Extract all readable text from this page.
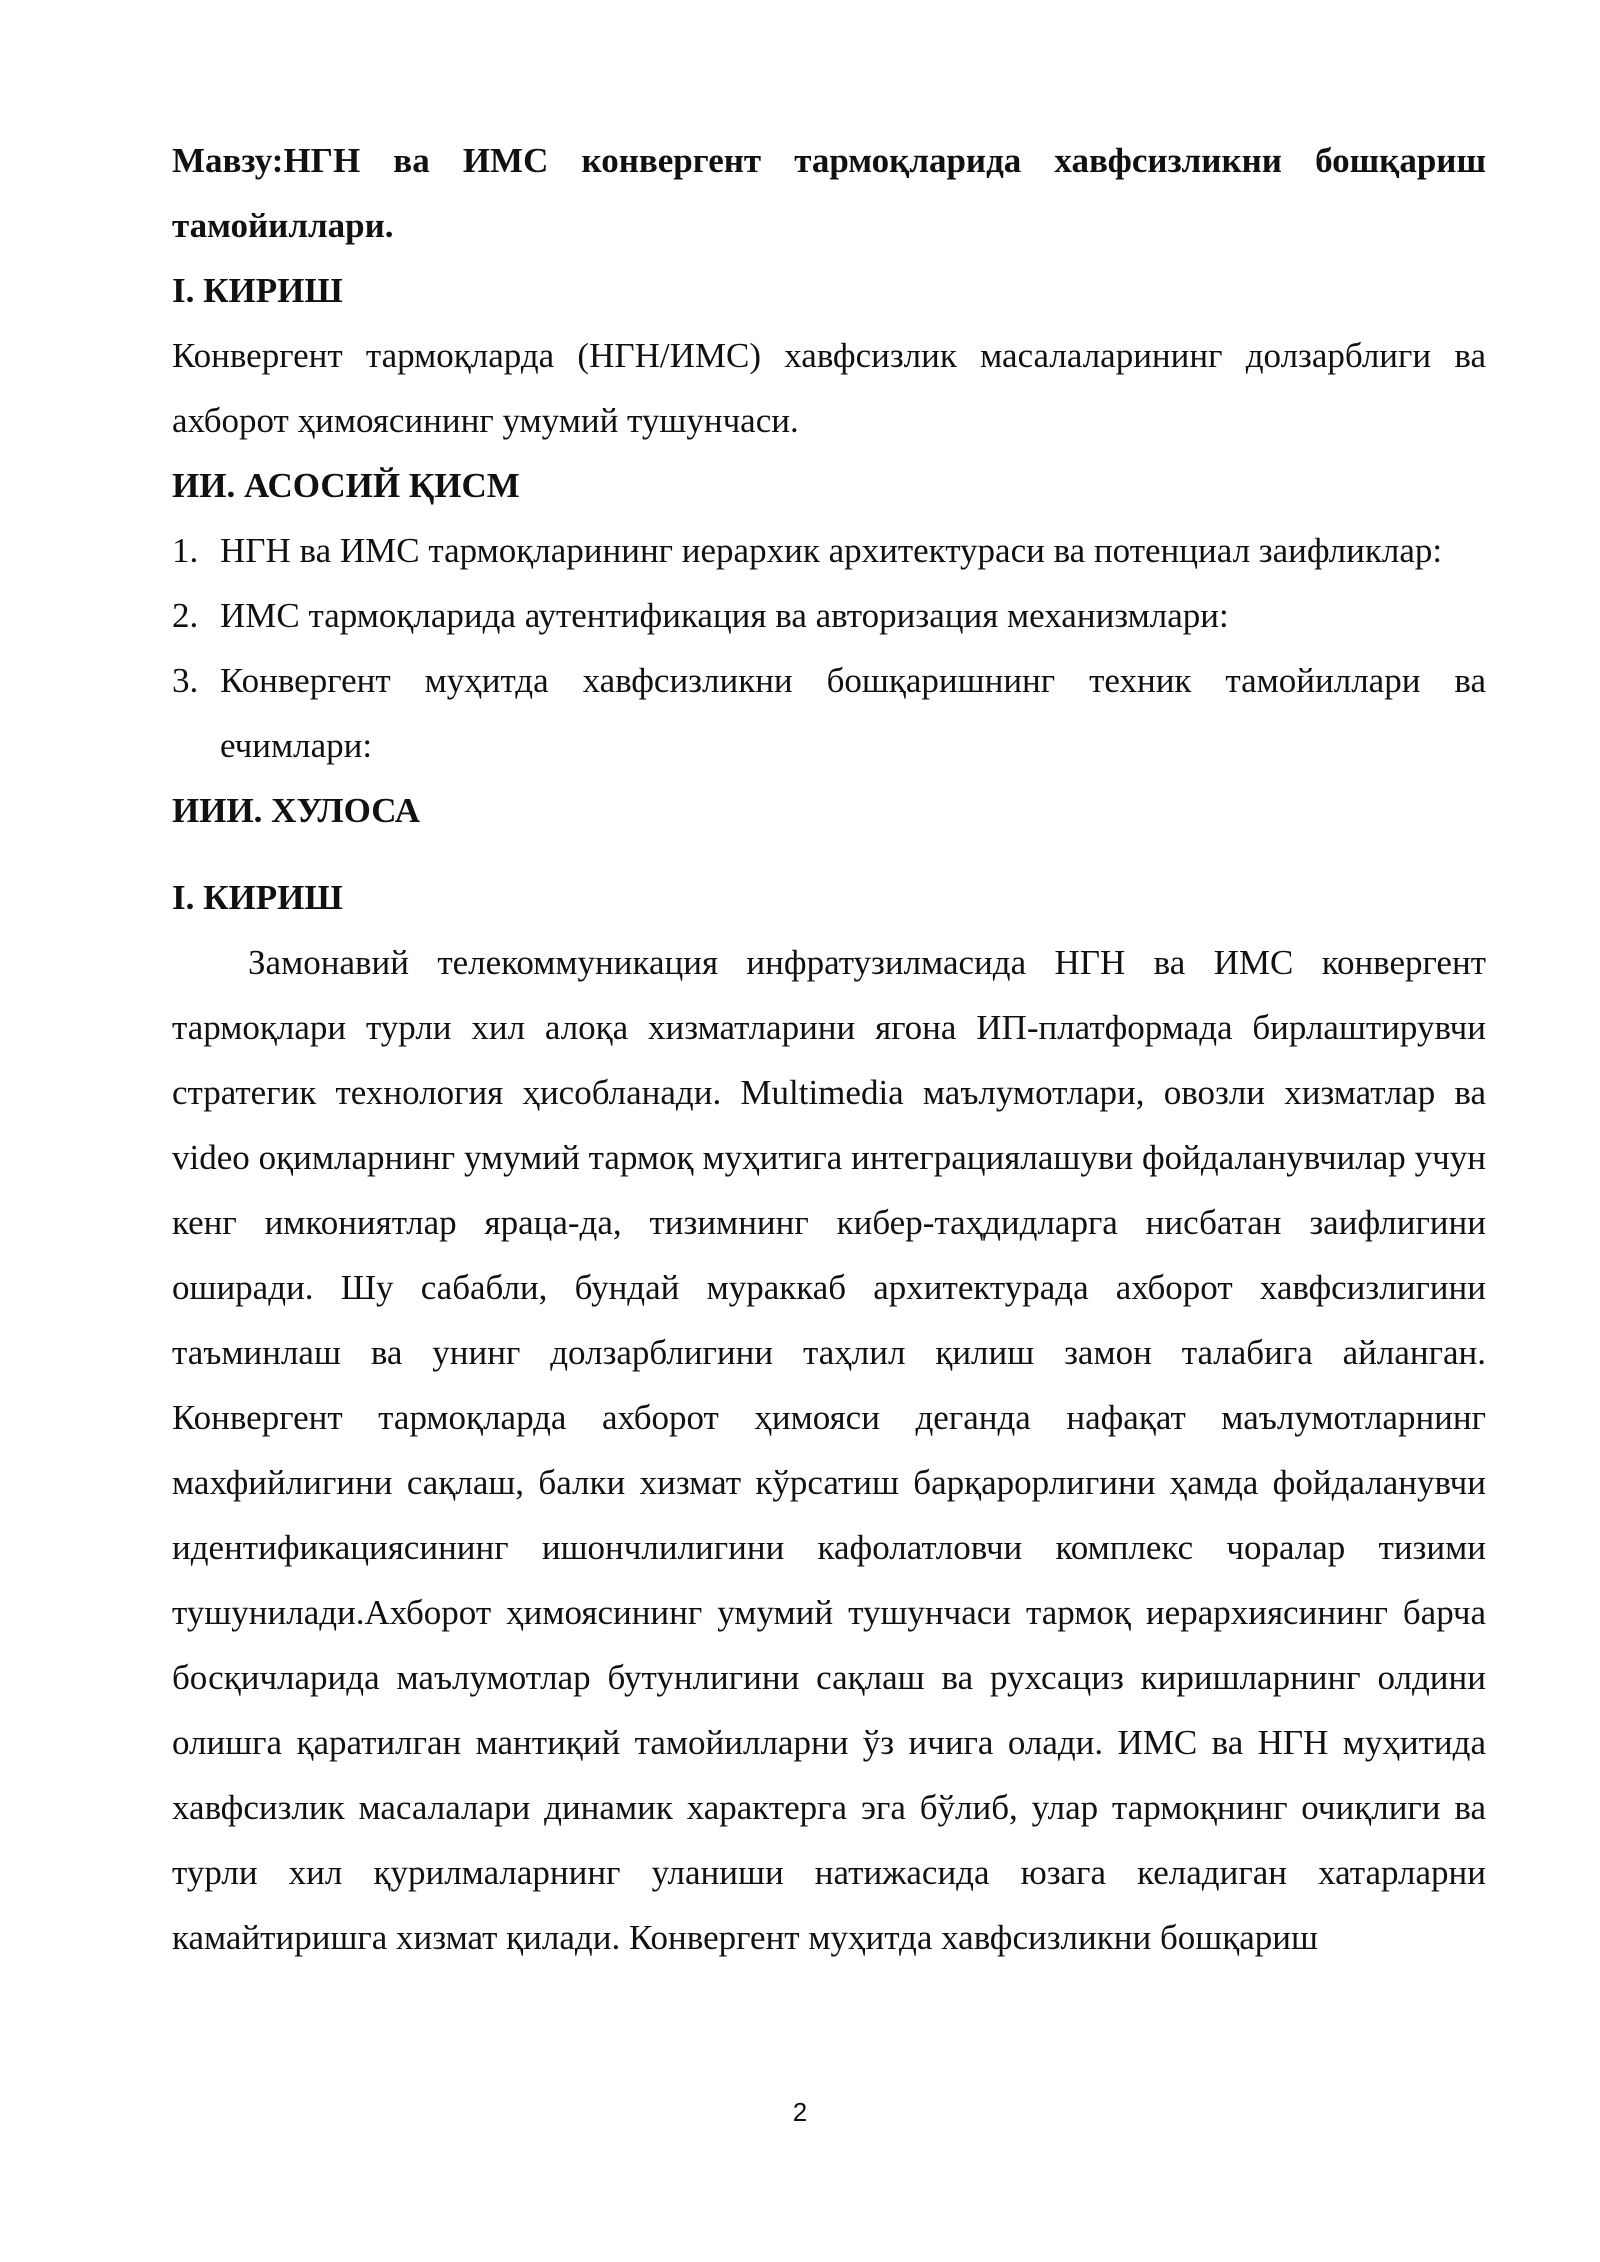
Мавзу:НГН ва ИМС конвергент тармоқларида хавфсизликни бошқариш тамойиллари.

I. КИРИШ

Конвергент тармоқларда (НГН/ИМС) хавфсизлик масалаларининг долзарблиги ва ахборот ҳимоясининг умумий тушунчаси.

ИИ. АСОСИЙ ҚИСМ

1. НГН ва ИМС тармоқларининг иерархик архитектураси ва потенциал заифликлар:
2. ИМС тармоқларида аутентификация ва авторизация механизмлари:
3. Конвергент муҳитда хавфсизликни бошқаришнинг техник тамойиллари ва ечимлари:

ИИИ. ХУЛОСА

I. КИРИШ

Замонавий телекоммуникация инфратузилмасида НГН ва ИМС конвергент тармоқлари турли хил алоқа хизматларини ягона ИП-платформада бирлаштирувчи стратегик технология ҳисобланади. Multimedia маълумотлари, овозли хизматлар ва video оқимларнинг умумий тармоқ муҳитига интеграциялашуви фойдаланувчилар учун кенг имкониятлар яраца-да, тизимнинг кибер-таҳдидларга нисбатан заифлигини оширади. Шу сабабли, бундай мураккаб архитектурада ахборот хавфсизлигини таъминлаш ва унинг долзарблигини таҳлил қилиш замон талабига айланган. Конвергент тармоқларда ахборот ҳимояси деганда нафақат маълумотларнинг махфийлигини сақлаш, балки хизмат кўрсатиш барқарорлигини ҳамда фойдаланувчи идентификациясининг ишончлилигини кафолатловчи комплекс чоралар тизими тушунилади.Ахборот ҳимоясининг умумий тушунчаси тармоқ иерархиясининг барча босқичларида маълумотлар бутунлигини сақлаш ва рухсациз киришларнинг олдини олишга қаратилган мантиқий тамойилларни ўз ичига олади. ИМС ва НГН муҳитида хавфсизлик масалалари динамик характерга эга бўлиб, улар тармоқнинг очиқлиги ва турли хил қурилмаларнинг уланиши натижасида юзага келадиган хатарларни камайтиришга хизмат қилади. Конвергент муҳитда хавфсизликни бошқариш

2
